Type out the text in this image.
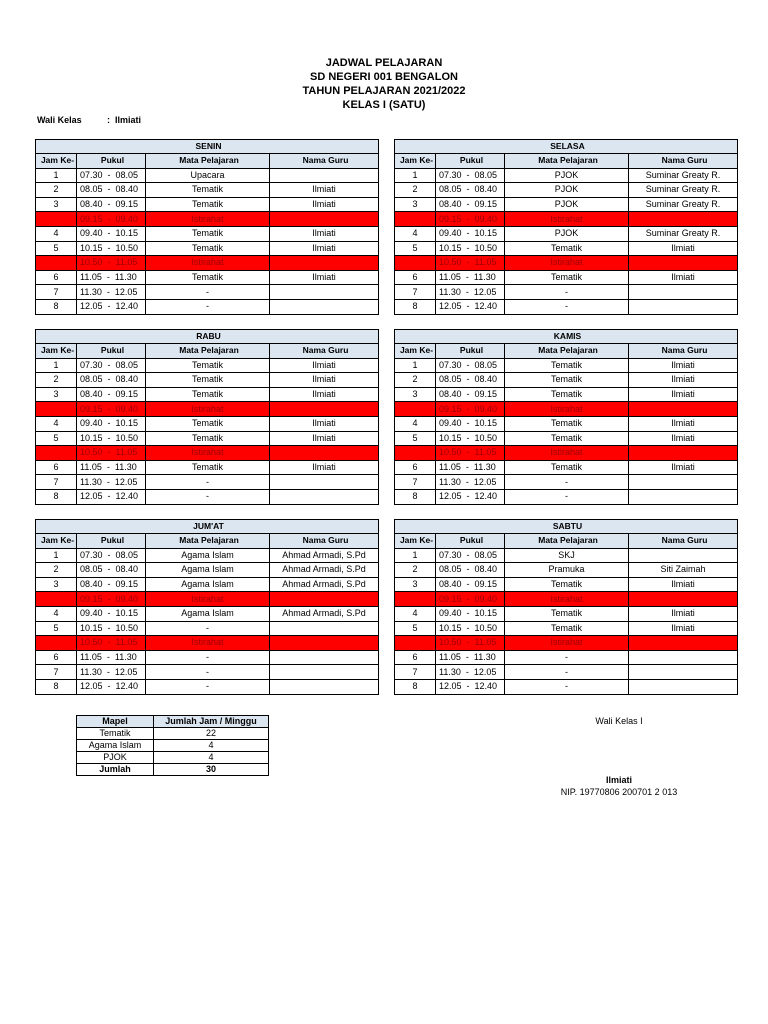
JADWAL PELAJARAN
SD NEGERI 001 BENGALON
TAHUN PELAJARAN 2021/2022
KELAS I (SATU)
Wali Kelas	: Ilmiati
SENIN			
Jam Ke-	Pukul	Mata Pelajaran	Nama Guru
1	07.30  -  08.05	Upacara	
2	08.05  -  08.40	Tematik	Ilmiati
3	08.40  -  09.15	Tematik	Ilmiati
	09.15  -  09.40	Istirahat	
4	09.40  -  10.15	Tematik	Ilmiati
5	10.15  -  10.50	Tematik	Ilmiati
	10.50  -  11.05	Istirahat	
6	11.05  -  11.30	Tematik	Ilmiati
7	11.30  -  12.05	-	
8	12.05  -  12.40	-	
SELASA			
Jam Ke-	Pukul	Mata Pelajaran	Nama Guru
1	07.30  -  08.05	PJOK	Suminar Greaty R.
2	08.05  -  08.40	PJOK	Suminar Greaty R.
3	08.40  -  09.15	PJOK	Suminar Greaty R.
	09.15  -  09.40	Istirahat	
4	09.40  -  10.15	PJOK	Suminar Greaty R.
5	10.15  -  10.50	Tematik	Ilmiati
	10.50  -  11.05	Istirahat	
6	11.05  -  11.30	Tematik	Ilmiati
7	11.30  -  12.05	-	
8	12.05  -  12.40	-	
RABU			
Jam Ke-	Pukul	Mata Pelajaran	Nama Guru
1	07.30  -  08.05	Tematik	Ilmiati
2	08.05  -  08.40	Tematik	Ilmiati
3	08.40  -  09.15	Tematik	Ilmiati
	09.15  -  09.40	Istirahat	
4	09.40  -  10.15	Tematik	Ilmiati
5	10.15  -  10.50	Tematik	Ilmiati
	10.50  -  11.05	Istirahat	
6	11.05  -  11.30	Tematik	Ilmiati
7	11.30  -  12.05	-	
8	12.05  -  12.40	-	
KAMIS			
Jam Ke-	Pukul	Mata Pelajaran	Nama Guru
1	07.30  -  08.05	Tematik	Ilmiati
2	08.05  -  08.40	Tematik	Ilmiati
3	08.40  -  09.15	Tematik	Ilmiati
	09.15  -  09.40	Istirahat	
4	09.40  -  10.15	Tematik	Ilmiati
5	10.15  -  10.50	Tematik	Ilmiati
	10.50  -  11.05	Istirahat	
6	11.05  -  11.30	Tematik	Ilmiati
7	11.30  -  12.05	-	
8	12.05  -  12.40	-	
JUM'AT			
Jam Ke-	Pukul	Mata Pelajaran	Nama Guru
1	07.30  -  08.05	Agama Islam	Ahmad Armadi, S.Pd
2	08.05  -  08.40	Agama Islam	Ahmad Armadi, S.Pd
3	08.40  -  09.15	Agama Islam	Ahmad Armadi, S.Pd
	09.15  -  09.40	Istirahat	
4	09.40  -  10.15	Agama Islam	Ahmad Armadi, S.Pd
5	10.15  -  10.50	-	
	10.50  -  11.05	Istirahat	
6	11.05  -  11.30	-	
7	11.30  -  12.05	-	
8	12.05  -  12.40	-	
SABTU			
Jam Ke-	Pukul	Mata Pelajaran	Nama Guru
1	07.30  -  08.05	SKJ	
2	08.05  -  08.40	Pramuka	Siti Zaimah
3	08.40  -  09.15	Tematik	Ilmiati
	09.15  -  09.40	Istirahat	
4	09.40  -  10.15	Tematik	Ilmiati
5	10.15  -  10.50	Tematik	Ilmiati
	10.50  -  11.05	Istirahat	
6	11.05  -  11.30	-	
7	11.30  -  12.05	-	
8	12.05  -  12.40	-	
Mapel	Jumlah Jam / Minggu
Tematik	22
Agama Islam	4
PJOK	4
Jumlah	30
Wali Kelas I
Ilmiati
NIP. 19770806 200701 2 013
